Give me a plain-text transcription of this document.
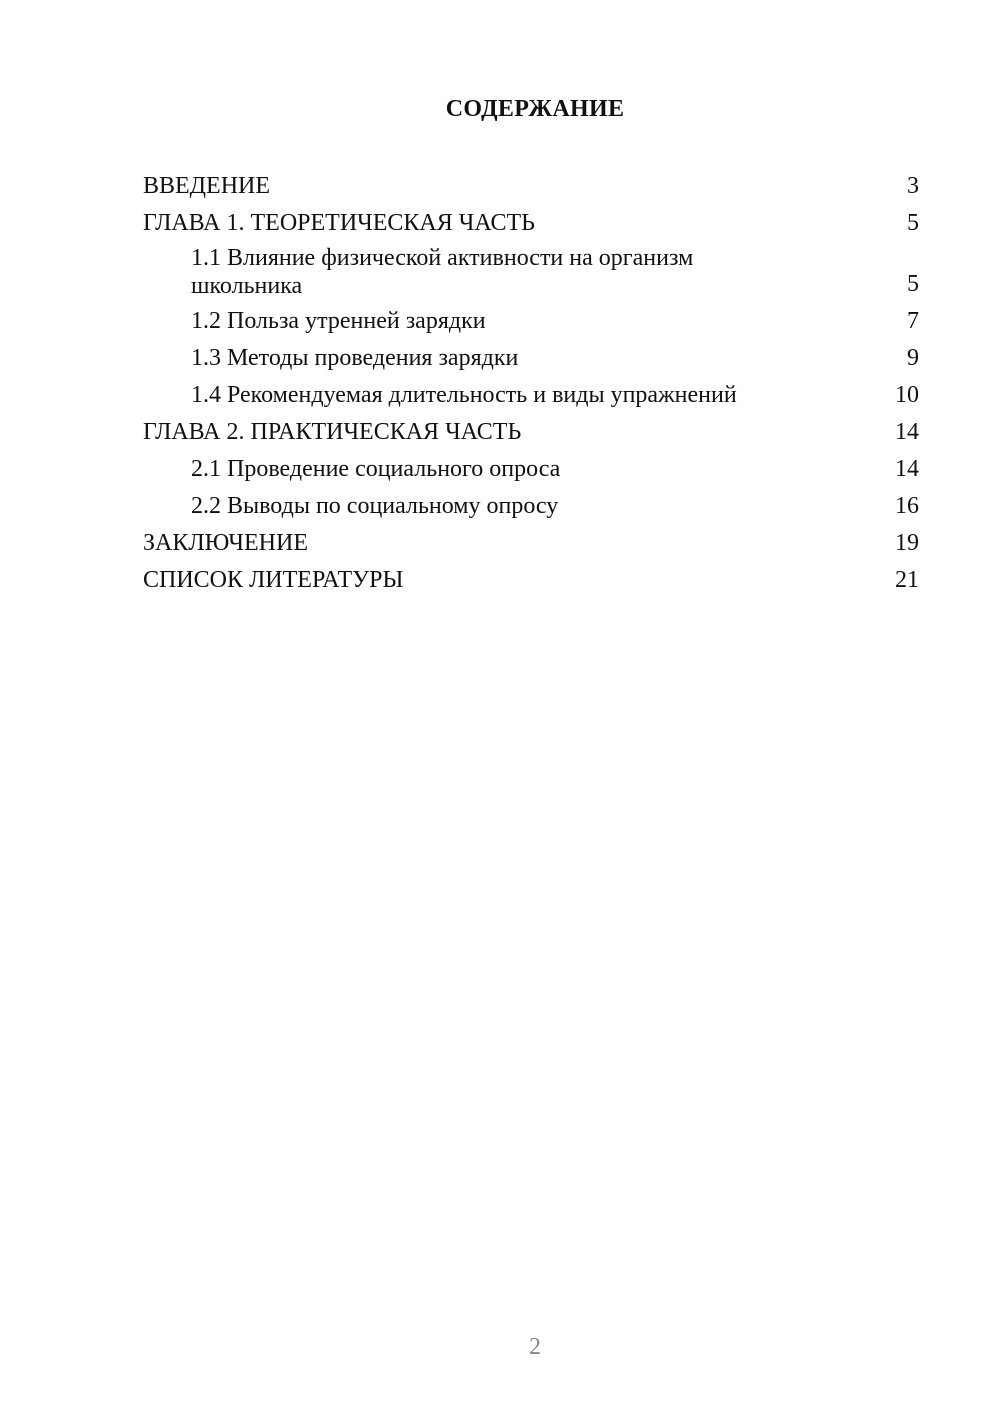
СОДЕРЖАНИЕ
ВВЕДЕНИЕ	3
ГЛАВА 1. ТЕОРЕТИЧЕСКАЯ ЧАСТЬ	5
1.1 Влияние физической активности на организм школьника	5
1.2 Польза утренней зарядки	7
1.3 Методы проведения зарядки	9
1.4 Рекомендуемая длительность и виды упражнений	10
ГЛАВА 2. ПРАКТИЧЕСКАЯ ЧАСТЬ	14
2.1 Проведение социального опроса	14
2.2 Выводы по социальному опросу	16
ЗАКЛЮЧЕНИЕ	19
СПИСОК ЛИТЕРАТУРЫ	21
2
